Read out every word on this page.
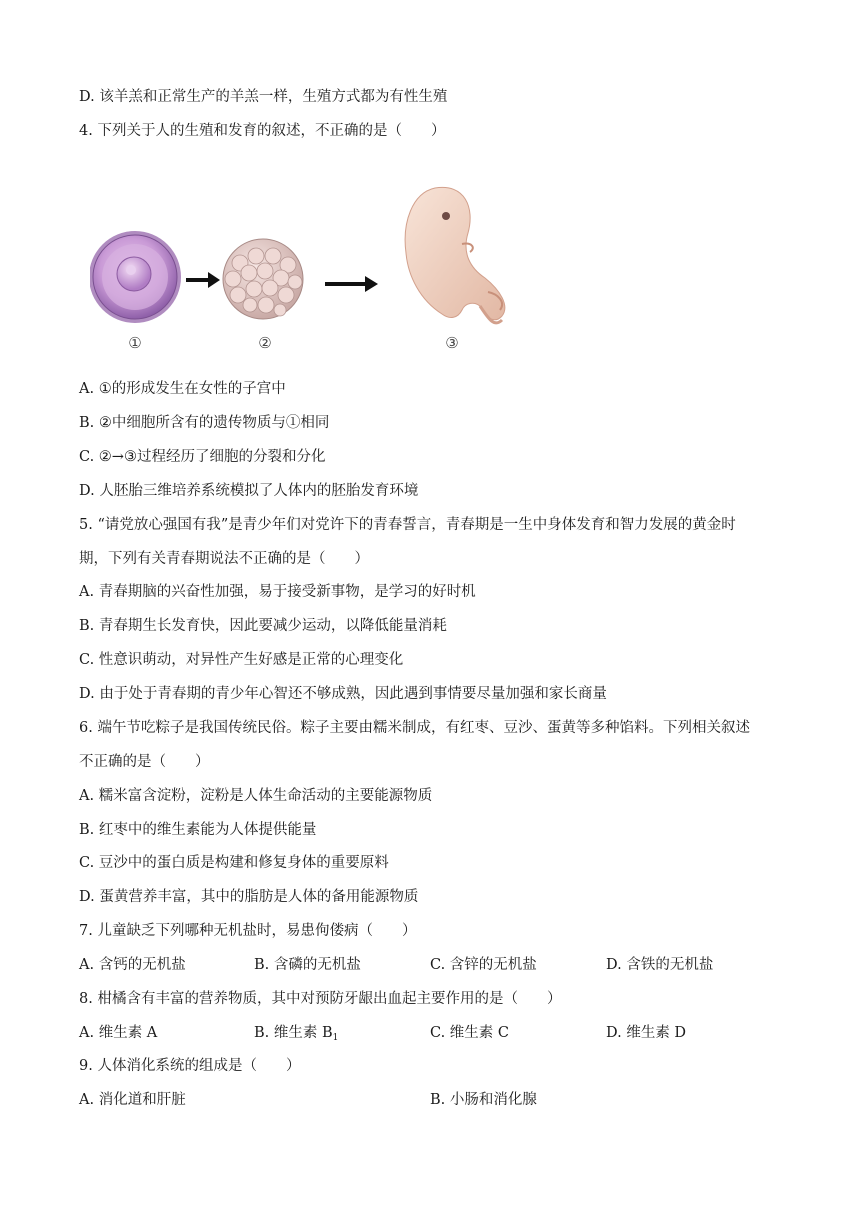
D. 该羊羔和正常生产的羊羔一样，生殖方式都为有性生殖
4. 下列关于人的生殖和发育的叙述，不正确的是（　　）
①	②	③
A. ①的形成发生在女性的子宫中
B. ②中细胞所含有的遗传物质与①相同
C. ②→③过程经历了细胞的分裂和分化
D. 人胚胎三维培养系统模拟了人体内的胚胎发育环境
5. “请党放心强国有我”是青少年们对党许下的青春誓言，青春期是一生中身体发育和智力发展的黄金时
期，下列有关青春期说法不正确的是（　　）
A. 青春期脑的兴奋性加强，易于接受新事物，是学习的好时机
B. 青春期生长发育快，因此要减少运动，以降低能量消耗
C. 性意识萌动，对异性产生好感是正常的心理变化
D. 由于处于青春期的青少年心智还不够成熟，因此遇到事情要尽量加强和家长商量
6. 端午节吃粽子是我国传统民俗。粽子主要由糯米制成，有红枣、豆沙、蛋黄等多种馅料。下列相关叙述
不正确的是（　　）
A. 糯米富含淀粉，淀粉是人体生命活动的主要能源物质
B. 红枣中的维生素能为人体提供能量
C. 豆沙中的蛋白质是构建和修复身体的重要原料
D. 蛋黄营养丰富，其中的脂肪是人体的备用能源物质
7. 儿童缺乏下列哪种无机盐时，易患佝偻病（　　）
A. 含钙的无机盐	B. 含磷的无机盐	C. 含锌的无机盐	D. 含铁的无机盐
8. 柑橘含有丰富的营养物质，其中对预防牙龈出血起主要作用的是（　　）
A. 维生素 A	B. 维生素 $B_1$	C. 维生素 C	D. 维生素 D
9. 人体消化系统的组成是（　　）
A. 消化道和肝脏	B. 小肠和消化腺
